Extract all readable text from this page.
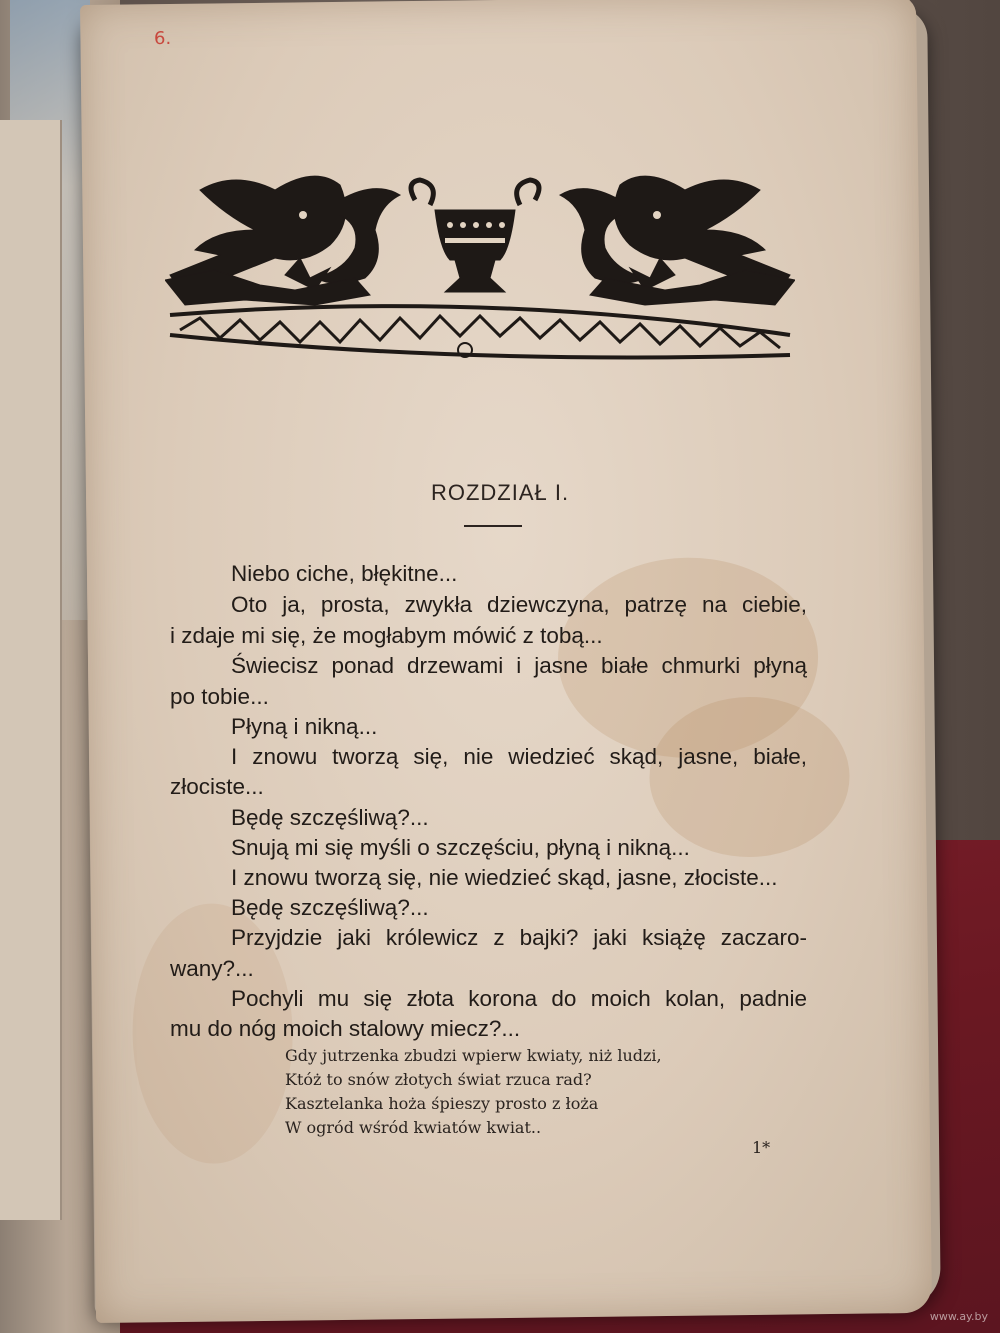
6.
ROZDZIAŁ I.

Niebo ciche, błękitne...

Oto ja, prosta, zwykła dziewczyna, patrzę na ciebie,

i zdaje mi się, że mogłabym mówić z tobą...

Świecisz ponad drzewami i jasne białe chmurki płyną

po tobie...

Płyną i nikną...

I znowu tworzą się, nie wiedzieć skąd, jasne, białe,

złociste...

Będę szczęśliwą?...

Snują mi się myśli o szczęściu, płyną i nikną...

I znowu tworzą się, nie wiedzieć skąd, jasne, złociste...

Będę szczęśliwą?...

Przyjdzie jaki królewicz z bajki? jaki książę zaczaro-

wany?...

Pochyli mu się złota korona do moich kolan, padnie

mu do nóg moich stalowy miecz?...

Gdy jutrzenka zbudzi wpierw kwiaty, niż ludzi,

Któż to snów złotych świat rzuca rad?

Kasztelanka hoża śpieszy prosto z łoża

W ogród wśród kwiatów kwiat..

1*
www.ay.by
